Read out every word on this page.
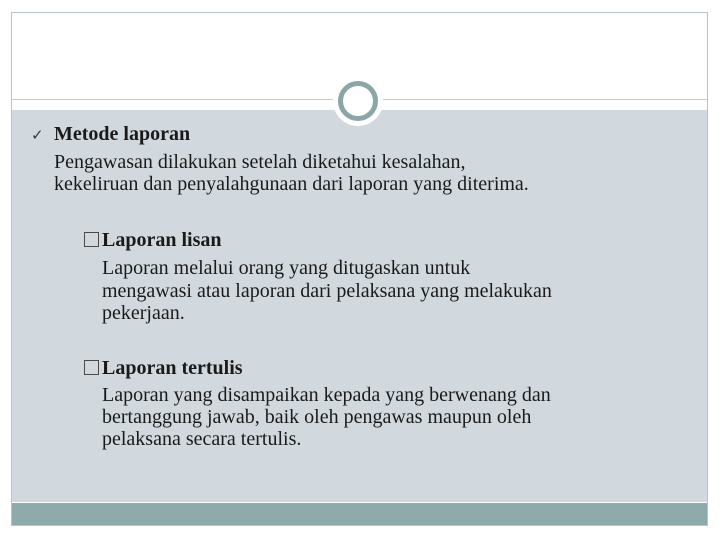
✓ Metode laporan
Pengawasan dilakukan setelah diketahui kesalahan,
kekeliruan dan penyalahgunaan dari laporan yang diterima.
Laporan lisan
Laporan melalui orang yang ditugaskan untuk
mengawasi atau laporan dari pelaksana yang melakukan
pekerjaan.
Laporan tertulis
Laporan yang disampaikan kepada yang berwenang dan
bertanggung jawab, baik oleh pengawas maupun oleh
pelaksana secara tertulis.
